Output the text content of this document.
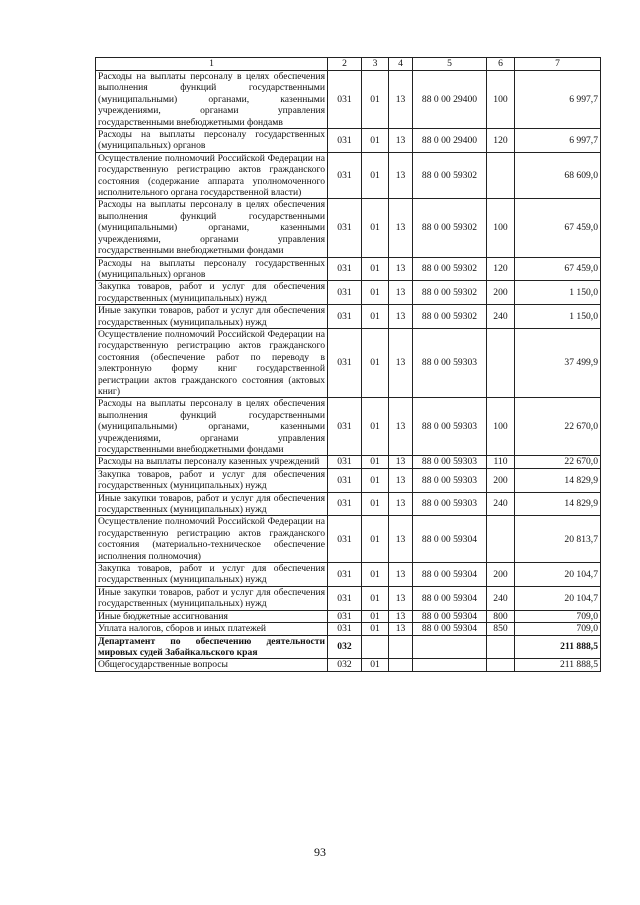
1	2	3	4	5	6	7
Расходы на выплаты персоналу в целях обеспечения выполнения функций государственными (муниципальными) органами, казенными учреждениями, органами управления государственными внебюджетными фондамв	031	01	13	88 0 00 29400	100	6 997,7
Расходы на выплаты персоналу государственных (муниципальных) органов	031	01	13	88 0 00 29400	120	6 997,7
Осуществление полномочий Российской Федерации на государственную регистрацию актов гражданского состояния (содержание аппарата уполномоченного исполнительного органа государственной власти)	031	01	13	88 0 00 59302		68 609,0
Расходы на выплаты персоналу в целях обеспечения выполнения функций государственными (муниципальными) органами, казенными учреждениями, органами управления государственными внебюджетными фондами	031	01	13	88 0 00 59302	100	67 459,0
Расходы на выплаты персоналу государственных (муниципальных) органов	031	01	13	88 0 00 59302	120	67 459,0
Закупка товаров, работ и услуг для обеспечения государственных (муниципальных) нужд	031	01	13	88 0 00 59302	200	1 150,0
Иные закупки товаров, работ и услуг для обеспечения государственных (муниципальных) нужд	031	01	13	88 0 00 59302	240	1 150,0
Осуществление полномочий Российской Федерации на государственную регистрацию актов гражданского состояния (обеспечение работ по переводу в электронную форму книг государственной регистрации актов гражданского состояния (актовых книг)	031	01	13	88 0 00 59303		37 499,9
Расходы на выплаты персоналу в целях обеспечения выполнения функций государственными (муниципальными) органами, казенными учреждениями, органами управления государственными внебюджетными фондами	031	01	13	88 0 00 59303	100	22 670,0
Расходы на выплаты персоналу казенных учреждений	031	01	13	88 0 00 59303	110	22 670,0
Закупка товаров, работ и услуг для обеспечения государственных (муниципальных) нужд	031	01	13	88 0 00 59303	200	14 829,9
Иные закупки товаров, работ и услуг для обеспечения государственных (муниципальных) нужд	031	01	13	88 0 00 59303	240	14 829,9
Осуществление полномочий Российской Федерации на государственную регистрацию актов гражданского состояния (материально-техническое обеспечение исполнения полномочия)	031	01	13	88 0 00 59304		20 813,7
Закупка товаров, работ и услуг для обеспечения государственных (муниципальных) нужд	031	01	13	88 0 00 59304	200	20 104,7
Иные закупки товаров, работ и услуг для обеспечения государственных (муниципальных) нужд	031	01	13	88 0 00 59304	240	20 104,7
Иные бюджетные ассигнования	031	01	13	88 0 00 59304	800	709,0
Уплата налогов, сборов и иных платежей	031	01	13	88 0 00 59304	850	709,0
Департамент по обеспечению деятельности мировых судей Забайкальского края	032					211 888,5
Общегосударственные вопросы	032	01				211 888,5
93
